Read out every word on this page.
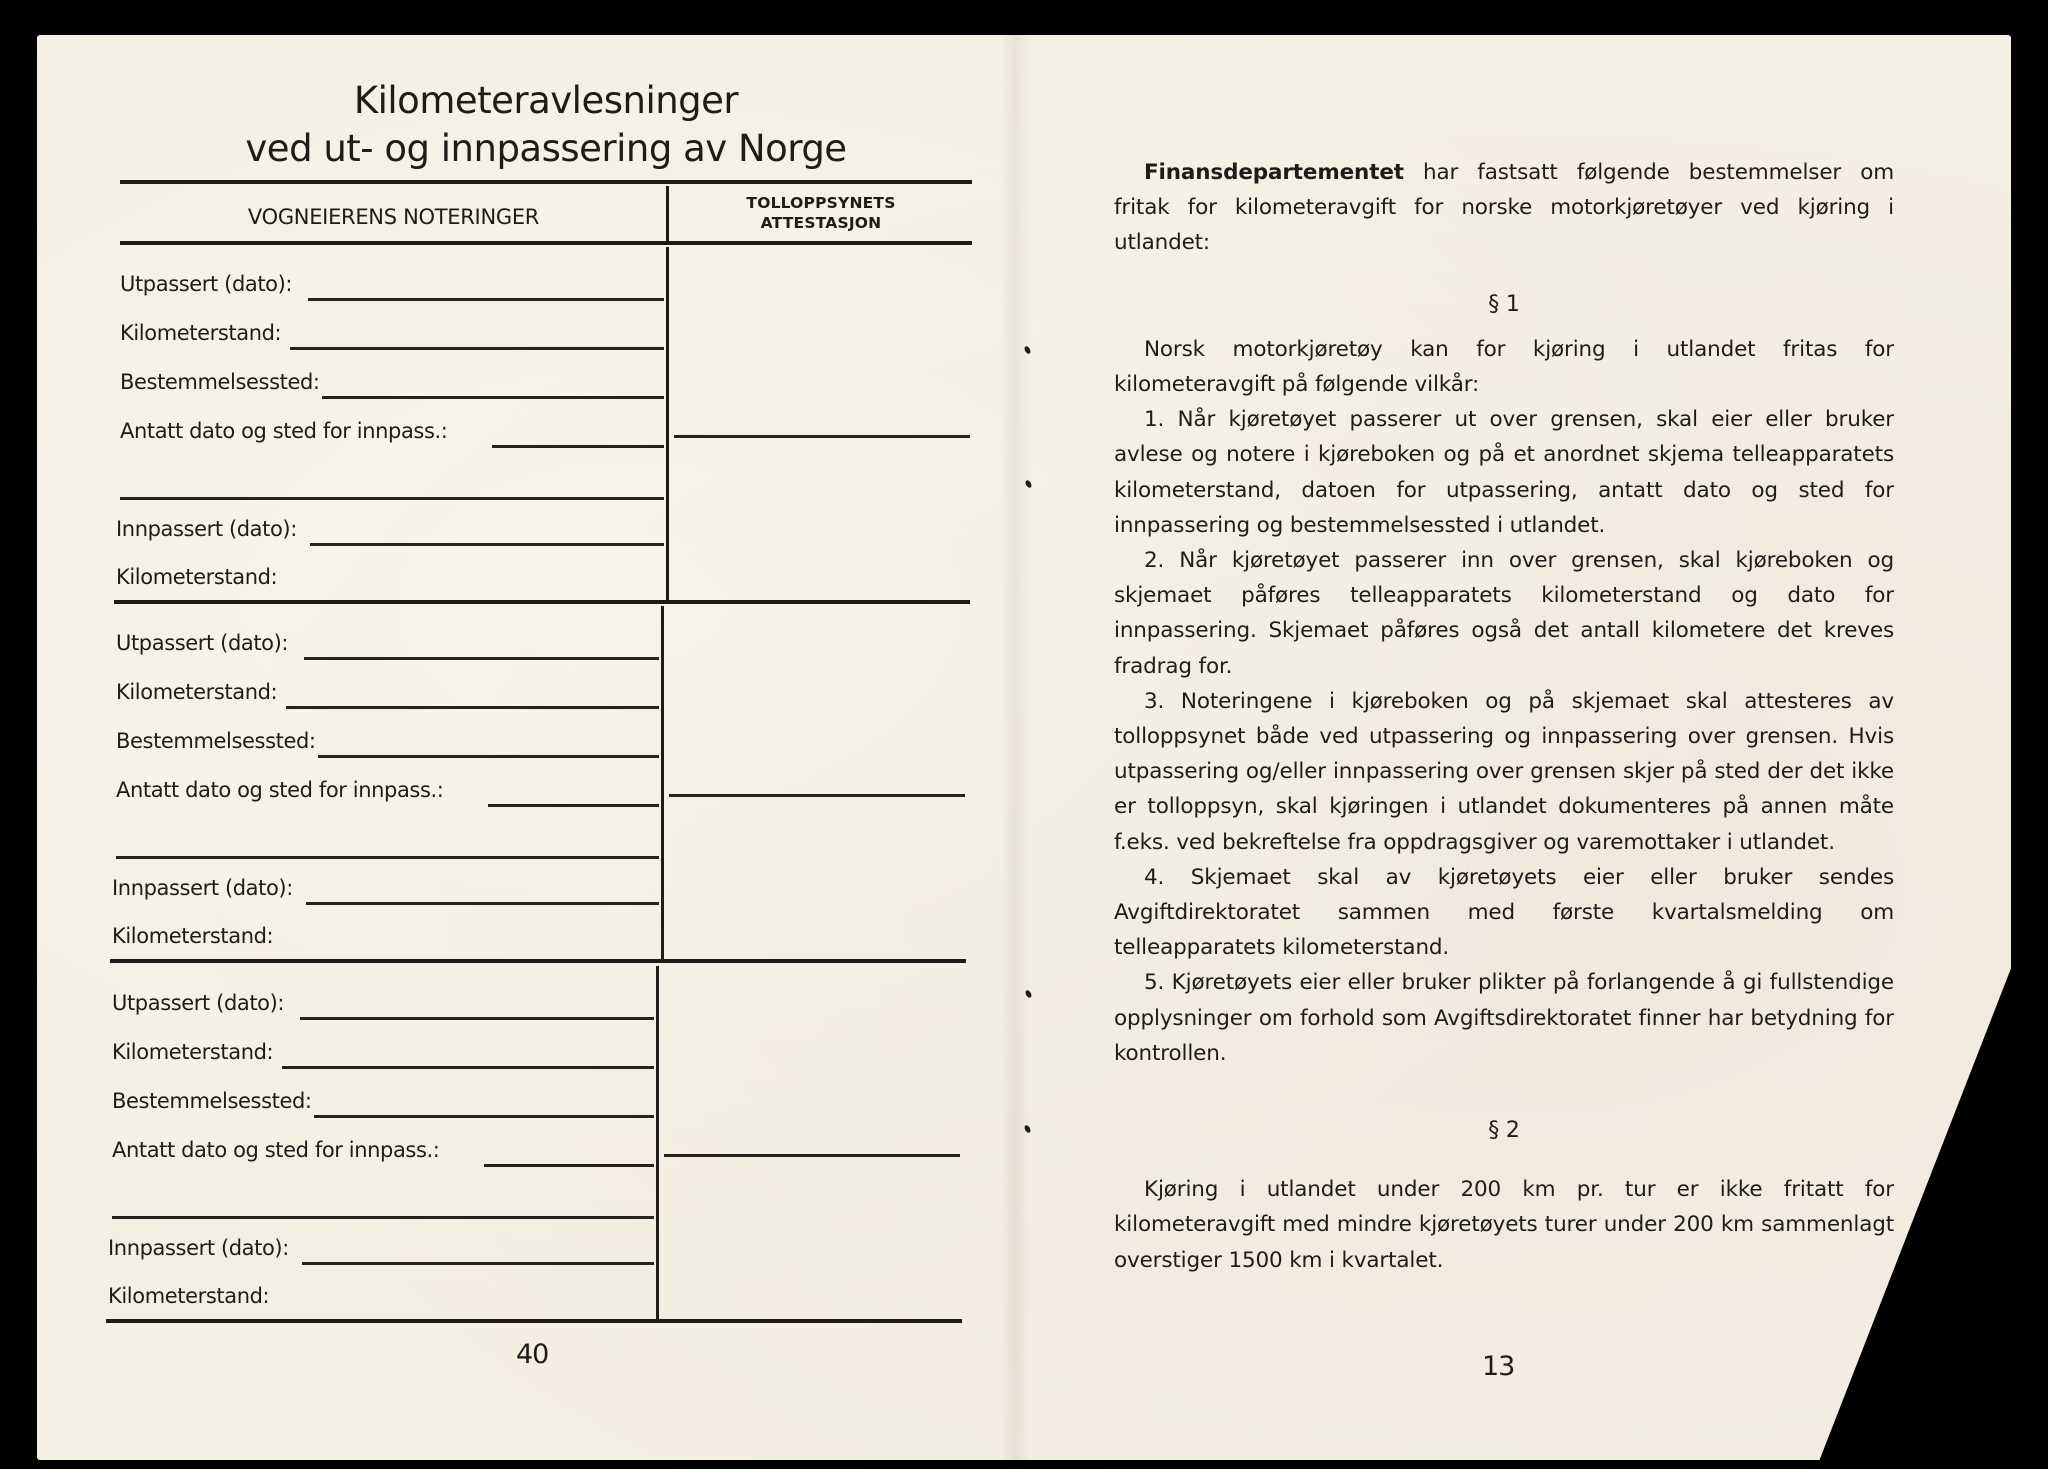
Kilometeravlesninger
ved ut- og innpassering av Norge
VOGNEIERENS NOTERINGER
TOLLOPPSYNETS
ATTESTASJON
Utpassert (dato):
Kilometerstand:
Bestemmelsessted:
Antatt dato og sted for innpass.:
Innpassert (dato):
Kilometerstand:
Utpassert (dato):
Kilometerstand:
Bestemmelsessted:
Antatt dato og sted for innpass.:
Innpassert (dato):
Kilometerstand:
Utpassert (dato):
Kilometerstand:
Bestemmelsessted:
Antatt dato og sted for innpass.:
Innpassert (dato):
Kilometerstand:
40

Finansdepartementet har fastsatt følgende bestemmelser om fritak for kilometeravgift for norske motorkjøretøyer ved kjøring i utlandet:

§ 1

Norsk motorkjøretøy kan for kjøring i utlandet fritas for kilometeravgift på følgende vilkår:

1. Når kjøretøyet passerer ut over grensen, skal eier eller bruker avlese og notere i kjøreboken og på et anordnet skjema telleapparatets kilometerstand, datoen for utpassering, antatt dato og sted for innpassering og bestemmelsessted i utlandet.

2. Når kjøretøyet passerer inn over grensen, skal kjøreboken og skjemaet påføres telleapparatets kilometerstand og dato for innpassering. Skjemaet påføres også det antall kilometere det kreves fradrag for.

3. Noteringene i kjøreboken og på skjemaet skal attesteres av tolloppsynet både ved utpassering og innpassering over grensen. Hvis utpassering og/eller innpassering over grensen skjer på sted der det ikke er tolloppsyn, skal kjøringen i utlandet dokumenteres på annen måte f.eks. ved bekreftelse fra oppdragsgiver og varemottaker i utlandet.

4. Skjemaet skal av kjøretøyets eier eller bruker sendes Avgiftdirektoratet sammen med første kvartalsmelding om telleapparatets kilometerstand.

5. Kjøretøyets eier eller bruker plikter på forlangende å gi fullstendige opplysninger om forhold som Avgiftsdirektoratet finner har betydning for kontrollen.

§ 2

Kjøring i utlandet under 200 km pr. tur er ikke fritatt for kilometeravgift med mindre kjøretøyets turer under 200 km sammenlagt overstiger 1500 km i kvartalet.

13
